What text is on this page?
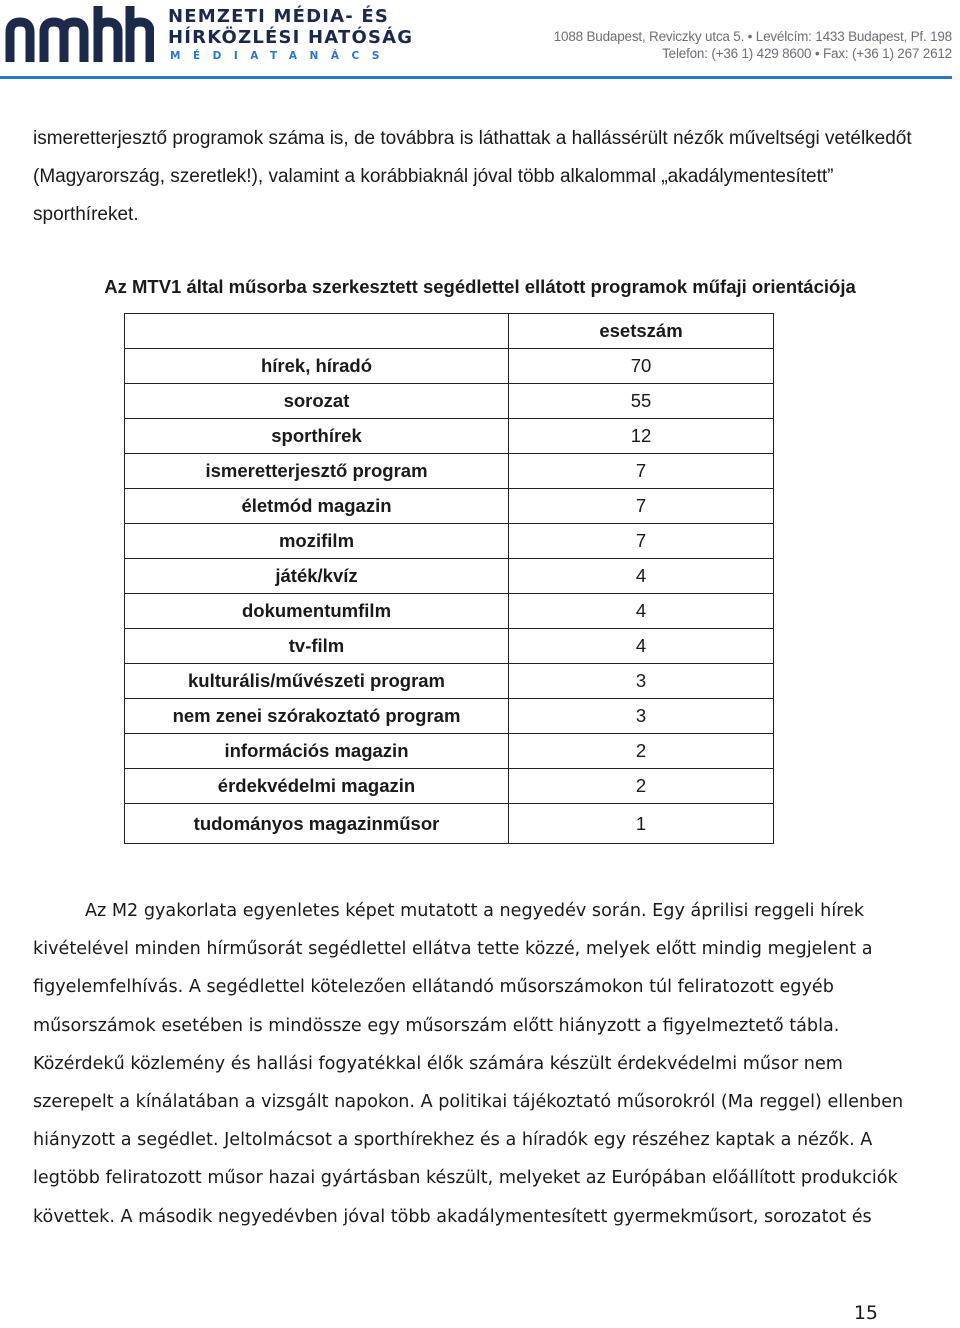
nmhh
NEMZETI MÉDIA- ÉS
HÍRKÖZLÉSI HATÓSÁG
MÉDIATANÁCS
1088 Budapest, Reviczky utca 5. • Levélcím: 1433 Budapest, Pf. 198
Telefon: (+36 1) 429 8600 • Fax: (+36 1) 267 2612

ismeretterjesztő programok száma is, de továbbra is láthattak a hallássérült nézők műveltségi vetélkedőt (Magyarország, szeretlek!), valamint a korábbiaknál jóval több alkalommal „akadálymentesített” sporthíreket.

Az MTV1 által műsorba szerkesztett segédlettel ellátott programok műfaji orientációja
	esetszám
hírek, híradó	70
sorozat	55
sporthírek	12
ismeretterjesztő program	7
életmód magazin	7
mozifilm	7
játék/kvíz	4
dokumentumfilm	4
tv-film	4
kulturális/művészeti program	3
nem zenei szórakoztató program	3
információs magazin	2
érdekvédelmi magazin	2
tudományos magazinműsor	1

Az M2 gyakorlata egyenletes képet mutatott a negyedév során. Egy áprilisi reggeli hírek kivételével minden hírműsorát segédlettel ellátva tette közzé, melyek előtt mindig megjelent a figyelemfelhívás. A segédlettel kötelezően ellátandó műsorszámokon túl feliratozott egyéb műsorszámok esetében is mindössze egy műsorszám előtt hiányzott a figyelmeztető tábla. Közérdekű közlemény és hallási fogyatékkal élők számára készült érdekvédelmi műsor nem szerepelt a kínálatában a vizsgált napokon. A politikai tájékoztató műsorokról (Ma reggel) ellenben hiányzott a segédlet. Jeltolmácsot a sporthírekhez és a híradók egy részéhez kaptak a nézők. A legtöbb feliratozott műsor hazai gyártásban készült, melyeket az Európában előállított produkciók követtek. A második negyedévben jóval több akadálymentesített gyermekműsort, sorozatot és

15
